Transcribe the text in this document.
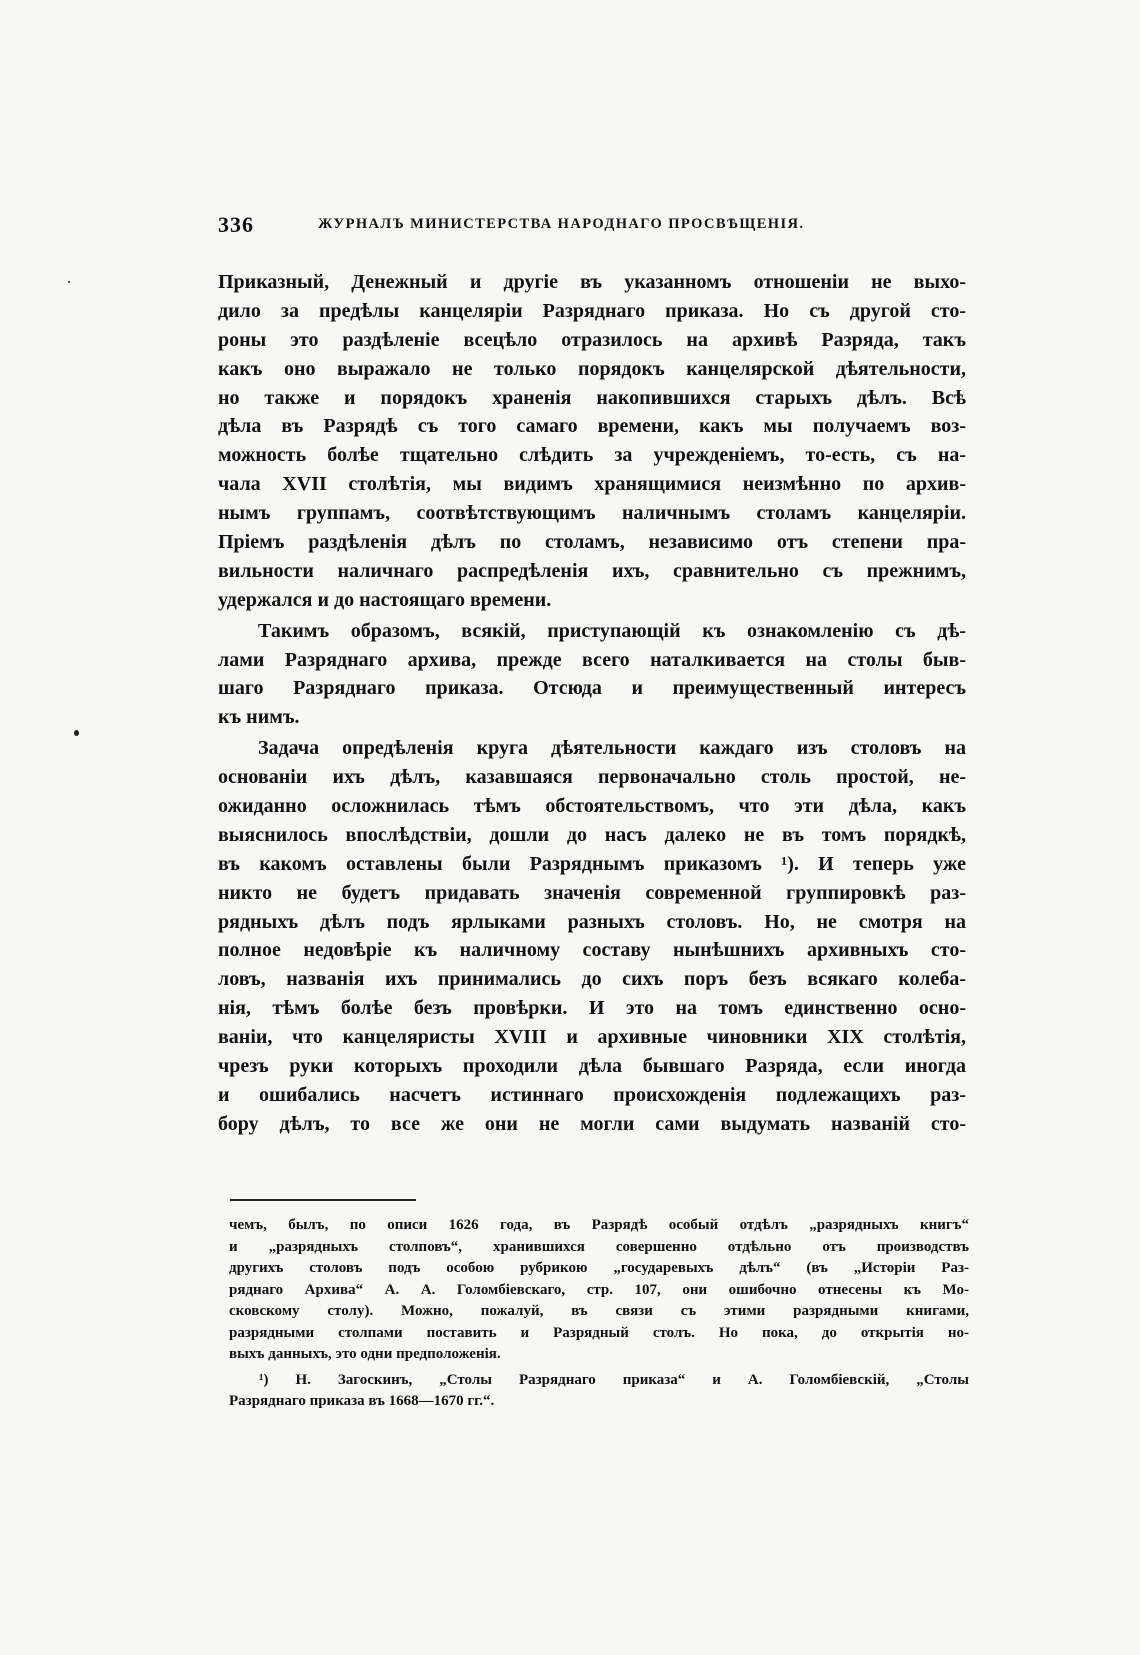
336	ЖУРНАЛЪ МИНИСТЕРСТВА НАРОДНАГО ПРОСВѢЩЕНІЯ.
Приказный, Денежный и другіе въ указанномъ отношеніи не выхо-
дило за предѣлы канцеляріи Разряднаго приказа. Но съ другой сто-
роны это раздѣленіе всецѣло отразилось на архивѣ Разряда, такъ
какъ оно выражало не только порядокъ канцелярской дѣятельности,
но также и порядокъ храненія накопившихся старыхъ дѣлъ. Всѣ
дѣла въ Разрядѣ съ того самаго времени, какъ мы получаемъ воз-
можность болѣе тщательно слѣдить за учрежденіемъ, то-есть, съ на-
чала XVII столѣтія, мы видимъ хранящимися неизмѣнно по архив-
нымъ группамъ, соотвѣтствующимъ наличнымъ столамъ канцеляріи.
Пріемъ раздѣленія дѣлъ по столамъ, независимо отъ степени пра-
вильности наличнаго распредѣленія ихъ, сравнительно съ прежнимъ,
удержался и до настоящаго времени.
Такимъ образомъ, всякій, приступающій къ ознакомленію съ дѣ-
лами Разряднаго архива, прежде всего наталкивается на столы быв-
шаго Разряднаго приказа. Отсюда и преимущественный интересъ
къ нимъ.
Задача опредѣленія круга дѣятельности каждаго изъ столовъ на
основаніи ихъ дѣлъ, казавшаяся первоначально столь простой, не-
ожиданно осложнилась тѣмъ обстоятельствомъ, что эти дѣла, какъ
выяснилось впослѣдствіи, дошли до насъ далеко не въ томъ порядкѣ,
въ какомъ оставлены были Разряднымъ приказомъ ¹). И теперь уже
никто не будетъ придавать значенія современной группировкѣ раз-
рядныхъ дѣлъ подъ ярлыками разныхъ столовъ. Но, не смотря на
полное недовѣріе къ наличному составу нынѣшнихъ архивныхъ сто-
ловъ, названія ихъ принимались до сихъ поръ безъ всякаго колеба-
нія, тѣмъ болѣе безъ провѣрки. И это на томъ единственно осно-
ваніи, что канцеляристы XVIII и архивные чиновники XIX столѣтія,
чрезъ руки которыхъ проходили дѣла бывшаго Разряда, если иногда
и ошибались насчетъ истиннаго происхожденія подлежащихъ раз-
бору дѣлъ, то все же они не могли сами выдумать названій сто-
чемъ, былъ, по описи 1626 года, въ Разрядѣ особый отдѣлъ „разрядныхъ книгъ“
и „разрядныхъ столповъ“, хранившихся совершенно отдѣльно отъ производствъ
другихъ столовъ подъ особою рубрикою „государевыхъ дѣлъ“ (въ „Исторіи Раз-
ряднаго Архива“ А. А. Голомбіевскаго, стр. 107, они ошибочно отнесены къ Мо-
сковскому столу). Можно, пожалуй, въ связи съ этими разрядными книгами,
разрядными столпами поставить и Разрядный столъ. Но пока, до открытія но-
выхъ данныхъ, это одни предположенія.
¹) Н. Загоскинъ, „Столы Разряднаго приказа“ и А. Голомбіевскій, „Столы
Разряднаго приказа въ 1668—1670 гг.“.
